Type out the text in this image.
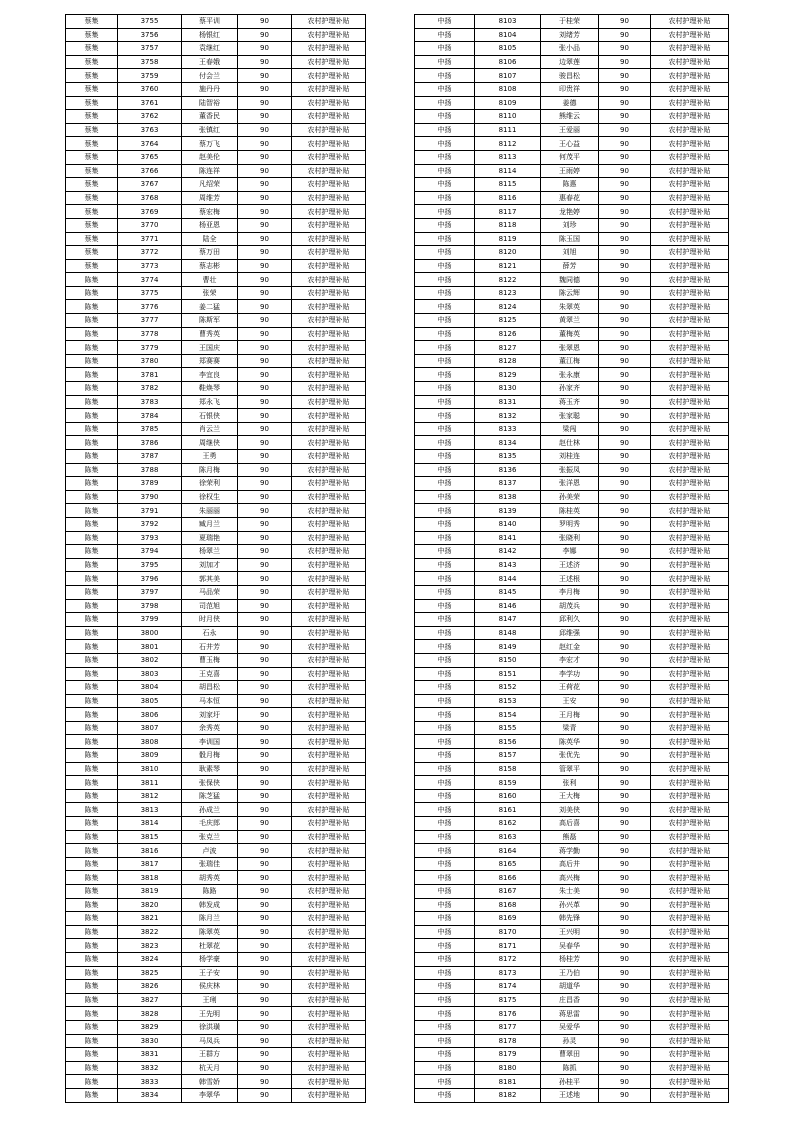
蔡集	3755	蔡平训	90	农村护理补贴
蔡集	3756	杨银红	90	农村护理补贴
蔡集	3757	袁继红	90	农村护理补贴
蔡集	3758	王春娥	90	农村护理补贴
蔡集	3759	付会兰	90	农村护理补贴
蔡集	3760	施丹丹	90	农村护理补贴
蔡集	3761	陆智裕	90	农村护理补贴
蔡集	3762	董香民	90	农村护理补贴
蔡集	3763	张镇红	90	农村护理补贴
蔡集	3764	蔡万飞	90	农村护理补贴
蔡集	3765	赵美伦	90	农村护理补贴
蔡集	3766	陈连祥	90	农村护理补贴
蔡集	3767	凡绍荣	90	农村护理补贴
蔡集	3768	周维芳	90	农村护理补贴
蔡集	3769	蔡宏梅	90	农村护理补贴
蔡集	3770	杨亚恩	90	农村护理补贴
蔡集	3771	陆全	90	农村护理补贴
蔡集	3772	蔡万田	90	农村护理补贴
蔡集	3773	蔡志彬	90	农村护理补贴
陈集	3774	曹壮	90	农村护理补贴
陈集	3775	张荣	90	农村护理补贴
陈集	3776	姜二猛	90	农村护理补贴
陈集	3777	陈斯军	90	农村护理补贴
陈集	3778	曹秀英	90	农村护理补贴
陈集	3779	王国庆	90	农村护理补贴
陈集	3780	郑赛赛	90	农村护理补贴
陈集	3781	李宜良	90	农村护理补贴
陈集	3782	鞋焕琴	90	农村护理补贴
陈集	3783	郑永飞	90	农村护理补贴
陈集	3784	石银侠	90	农村护理补贴
陈集	3785	肖云兰	90	农村护理补贴
陈集	3786	周继侠	90	农村护理补贴
陈集	3787	王勇	90	农村护理补贴
陈集	3788	陈月梅	90	农村护理补贴
陈集	3789	徐荣利	90	农村护理补贴
陈集	3790	徐权生	90	农村护理补贴
陈集	3791	朱丽丽	90	农村护理补贴
陈集	3792	臧月兰	90	农村护理补贴
陈集	3793	夏瑞艳	90	农村护理补贴
陈集	3794	杨翠兰	90	农村护理补贴
陈集	3795	刘加才	90	农村护理补贴
陈集	3796	郭其美	90	农村护理补贴
陈集	3797	马品荣	90	农村护理补贴
陈集	3798	司范旭	90	农村护理补贴
陈集	3799	时月侠	90	农村护理补贴
陈集	3800	石永	90	农村护理补贴
陈集	3801	石井芳	90	农村护理补贴
陈集	3802	曹玉梅	90	农村护理补贴
陈集	3803	王克喜	90	农村护理补贴
陈集	3804	胡昌松	90	农村护理补贴
陈集	3805	马本恒	90	农村护理补贴
陈集	3806	刘家圩	90	农村护理补贴
陈集	3807	余秀英	90	农村护理补贴
陈集	3808	李训国	90	农村护理补贴
陈集	3809	骰月梅	90	农村护理补贴
陈集	3810	耿素琴	90	农村护理补贴
陈集	3811	张保侠	90	农村护理补贴
陈集	3812	陈芝猛	90	农村护理补贴
陈集	3813	孙成兰	90	农村护理补贴
陈集	3814	毛庆郎	90	农村护理补贴
陈集	3815	张克兰	90	农村护理补贴
陈集	3816	卢波	90	农村护理补贴
陈集	3817	张瑞佳	90	农村护理补贴
陈集	3818	胡秀英	90	农村护理补贴
陈集	3819	陈路	90	农村护理补贴
陈集	3820	韩发成	90	农村护理补贴
陈集	3821	陈月兰	90	农村护理补贴
陈集	3822	陈翠英	90	农村护理补贴
陈集	3823	杜翠花	90	农村护理补贴
陈集	3824	杨学豪	90	农村护理补贴
陈集	3825	王子安	90	农村护理补贴
陈集	3826	侯庆林	90	农村护理补贴
陈集	3827	王琍	90	农村护理补贴
陈集	3828	王先明	90	农村护理补贴
陈集	3829	徐洪璜	90	农村护理补贴
陈集	3830	马凤兵	90	农村护理补贴
陈集	3831	王群方	90	农村护理补贴
陈集	3832	杭天月	90	农村护理补贴
陈集	3833	韩雪娇	90	农村护理补贴
陈集	3834	李翠华	90	农村护理补贴
中扬	8103	于桂荣	90	农村护理补贴
中扬	8104	刘绪芳	90	农村护理补贴
中扬	8105	张小品	90	农村护理补贴
中扬	8106	边翠莲	90	农村护理补贴
中扬	8107	骏昌松	90	农村护理补贴
中扬	8108	印贵祥	90	农村护理补贴
中扬	8109	姜德	90	农村护理补贴
中扬	8110	熊维云	90	农村护理补贴
中扬	8111	王爱丽	90	农村护理补贴
中扬	8112	王心益	90	农村护理补贴
中扬	8113	何茂平	90	农村护理补贴
中扬	8114	王雨婷	90	农村护理补贴
中扬	8115	陈惠	90	农村护理补贴
中扬	8116	惠春花	90	农村护理补贴
中扬	8117	龙艳婷	90	农村护理补贴
中扬	8118	刘珍	90	农村护理补贴
中扬	8119	陈玉国	90	农村护理补贴
中扬	8120	刘旭	90	农村护理补贴
中扬	8121	薛芳	90	农村护理补贴
中扬	8122	魏同德	90	农村护理补贴
中扬	8123	陈云辉	90	农村护理补贴
中扬	8124	朱翠英	90	农村护理补贴
中扬	8125	黄翠兰	90	农村护理补贴
中扬	8126	董梅英	90	农村护理补贴
中扬	8127	张翠恩	90	农村护理补贴
中扬	8128	董江梅	90	农村护理补贴
中扬	8129	张永康	90	农村护理补贴
中扬	8130	孙家齐	90	农村护理补贴
中扬	8131	蒋玉齐	90	农村护理补贴
中扬	8132	张家聪	90	农村护理补贴
中扬	8133	梁闯	90	农村护理补贴
中扬	8134	赵仕林	90	农村护理补贴
中扬	8135	刘桂连	90	农村护理补贴
中扬	8136	张振凤	90	农村护理补贴
中扬	8137	张洋恩	90	农村护理补贴
中扬	8138	孙美荣	90	农村护理补贴
中扬	8139	陈桂英	90	农村护理补贴
中扬	8140	罗明秀	90	农村护理补贴
中扬	8141	张晓利	90	农村护理补贴
中扬	8142	李娜	90	农村护理补贴
中扬	8143	王述济	90	农村护理补贴
中扬	8144	王述根	90	农村护理补贴
中扬	8145	李月梅	90	农村护理补贴
中扬	8146	胡茂兵	90	农村护理补贴
中扬	8147	邱利久	90	农村护理补贴
中扬	8148	邱维强	90	农村护理补贴
中扬	8149	赵红金	90	农村护理补贴
中扬	8150	李宏才	90	农村护理补贴
中扬	8151	李学功	90	农村护理补贴
中扬	8152	王荷花	90	农村护理补贴
中扬	8153	王安	90	农村护理补贴
中扬	8154	王月梅	90	农村护理补贴
中扬	8155	梁青	90	农村护理补贴
中扬	8156	陈英华	90	农村护理补贴
中扬	8157	张优先	90	农村护理补贴
中扬	8158	管翠平	90	农村护理补贴
中扬	8159	张利	90	农村护理补贴
中扬	8160	王大梅	90	农村护理补贴
中扬	8161	刘美侠	90	农村护理补贴
中扬	8162	高后喜	90	农村护理补贴
中扬	8163	熊磊	90	农村护理补贴
中扬	8164	蒋学勤	90	农村护理补贴
中扬	8165	高后井	90	农村护理补贴
中扬	8166	高兴梅	90	农村护理补贴
中扬	8167	朱士美	90	农村护理补贴
中扬	8168	孙兴革	90	农村护理补贴
中扬	8169	韩先锋	90	农村护理补贴
中扬	8170	王兴明	90	农村护理补贴
中扬	8171	吴春华	90	农村护理补贴
中扬	8172	杨桂芳	90	农村护理补贴
中扬	8173	王乃伯	90	农村护理补贴
中扬	8174	胡道华	90	农村护理补贴
中扬	8175	庄昌香	90	农村护理补贴
中扬	8176	蒋思雷	90	农村护理补贴
中扬	8177	吴爱华	90	农村护理补贴
中扬	8178	孙灵	90	农村护理补贴
中扬	8179	曹翠田	90	农村护理补贴
中扬	8180	陈抓	90	农村护理补贴
中扬	8181	孙桂平	90	农村护理补贴
中扬	8182	王述地	90	农村护理补贴
